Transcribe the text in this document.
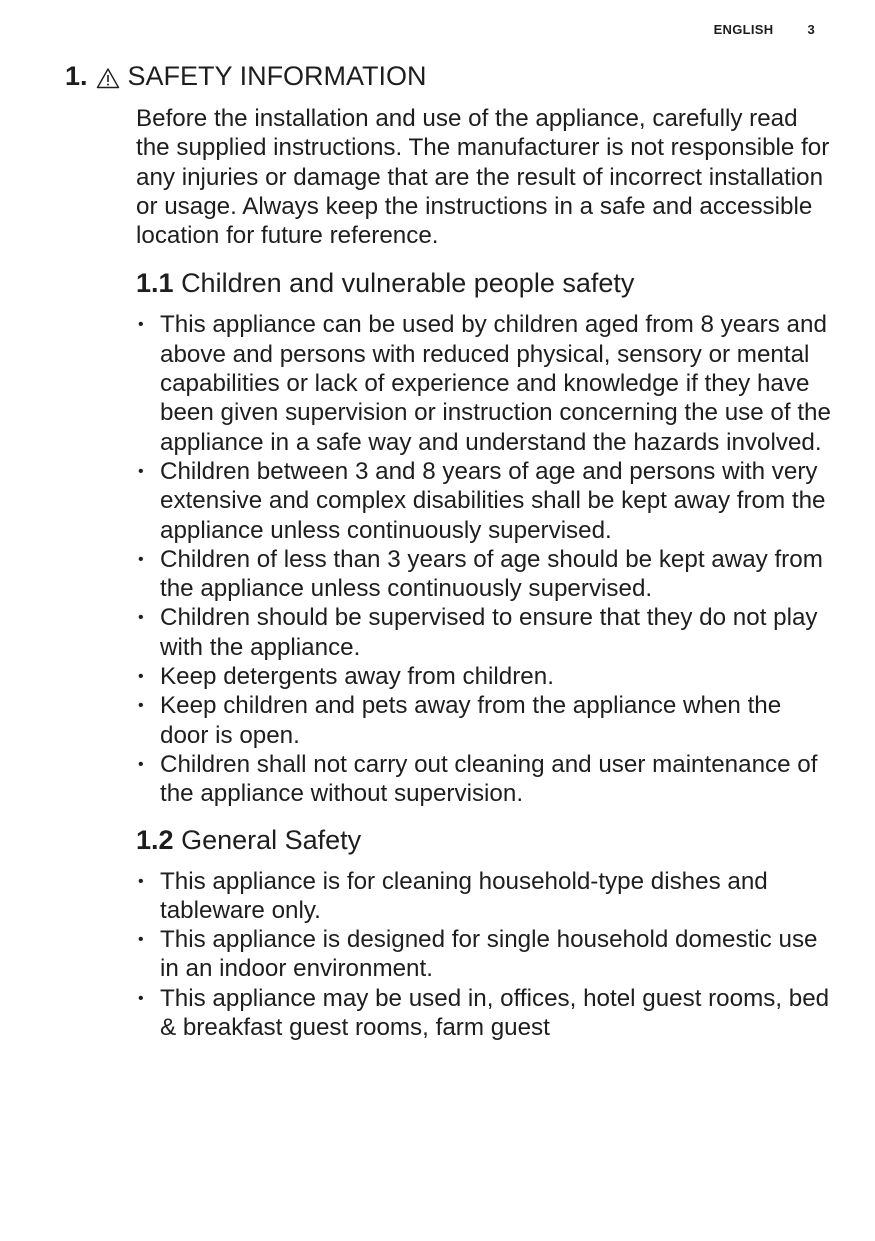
ENGLISH	3
1. SAFETY INFORMATION

Before the installation and use of the appliance, carefully read the supplied instructions. The manufacturer is not responsible for any injuries or damage that are the result of incorrect installation or usage. Always keep the instructions in a safe and accessible location for future reference.

1.1 Children and vulnerable people safety
• This appliance can be used by children aged from 8 years and above and persons with reduced physical, sensory or mental capabilities or lack of experience and knowledge if they have been given supervision or instruction concerning the use of the appliance in a safe way and understand the hazards involved.
• Children between 3 and 8 years of age and persons with very extensive and complex disabilities shall be kept away from the appliance unless continuously supervised.
• Children of less than 3 years of age should be kept away from the appliance unless continuously supervised.
• Children should be supervised to ensure that they do not play with the appliance.
• Keep detergents away from children.
• Keep children and pets away from the appliance when the door is open.
• Children shall not carry out cleaning and user maintenance of the appliance without supervision.
1.2 General Safety
• This appliance is for cleaning household-type dishes and tableware only.
• This appliance is designed for single household domestic use in an indoor environment.
• This appliance may be used in, offices, hotel guest rooms, bed & breakfast guest rooms, farm guest
